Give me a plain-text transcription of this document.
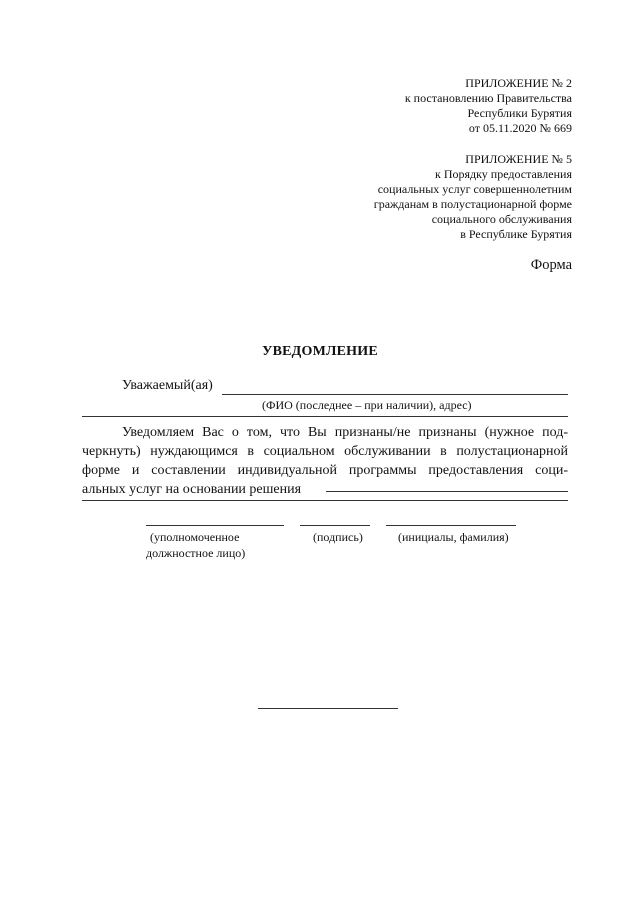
ПРИЛОЖЕНИЕ № 2
к постановлению Правительства
Республики Бурятия
от 05.11.2020 № 669
ПРИЛОЖЕНИЕ № 5
к Порядку предоставления
социальных услуг совершеннолетним
гражданам в полустационарной форме
социального обслуживания
в Республике Бурятия
Форма
УВЕДОМЛЕНИЕ
Уважаемый(ая)
(ФИО (последнее – при наличии), адрес)
Уведомляем Вас о том, что Вы признаны/не признаны (нужное под-
черкнуть) нуждающимся в социальном обслуживании в полустационарной
форме и составлении индивидуальной программы предоставления соци-
альных услуг на основании решения
(уполномоченное
должностное лицо)
(подпись)	(инициалы, фамилия)
